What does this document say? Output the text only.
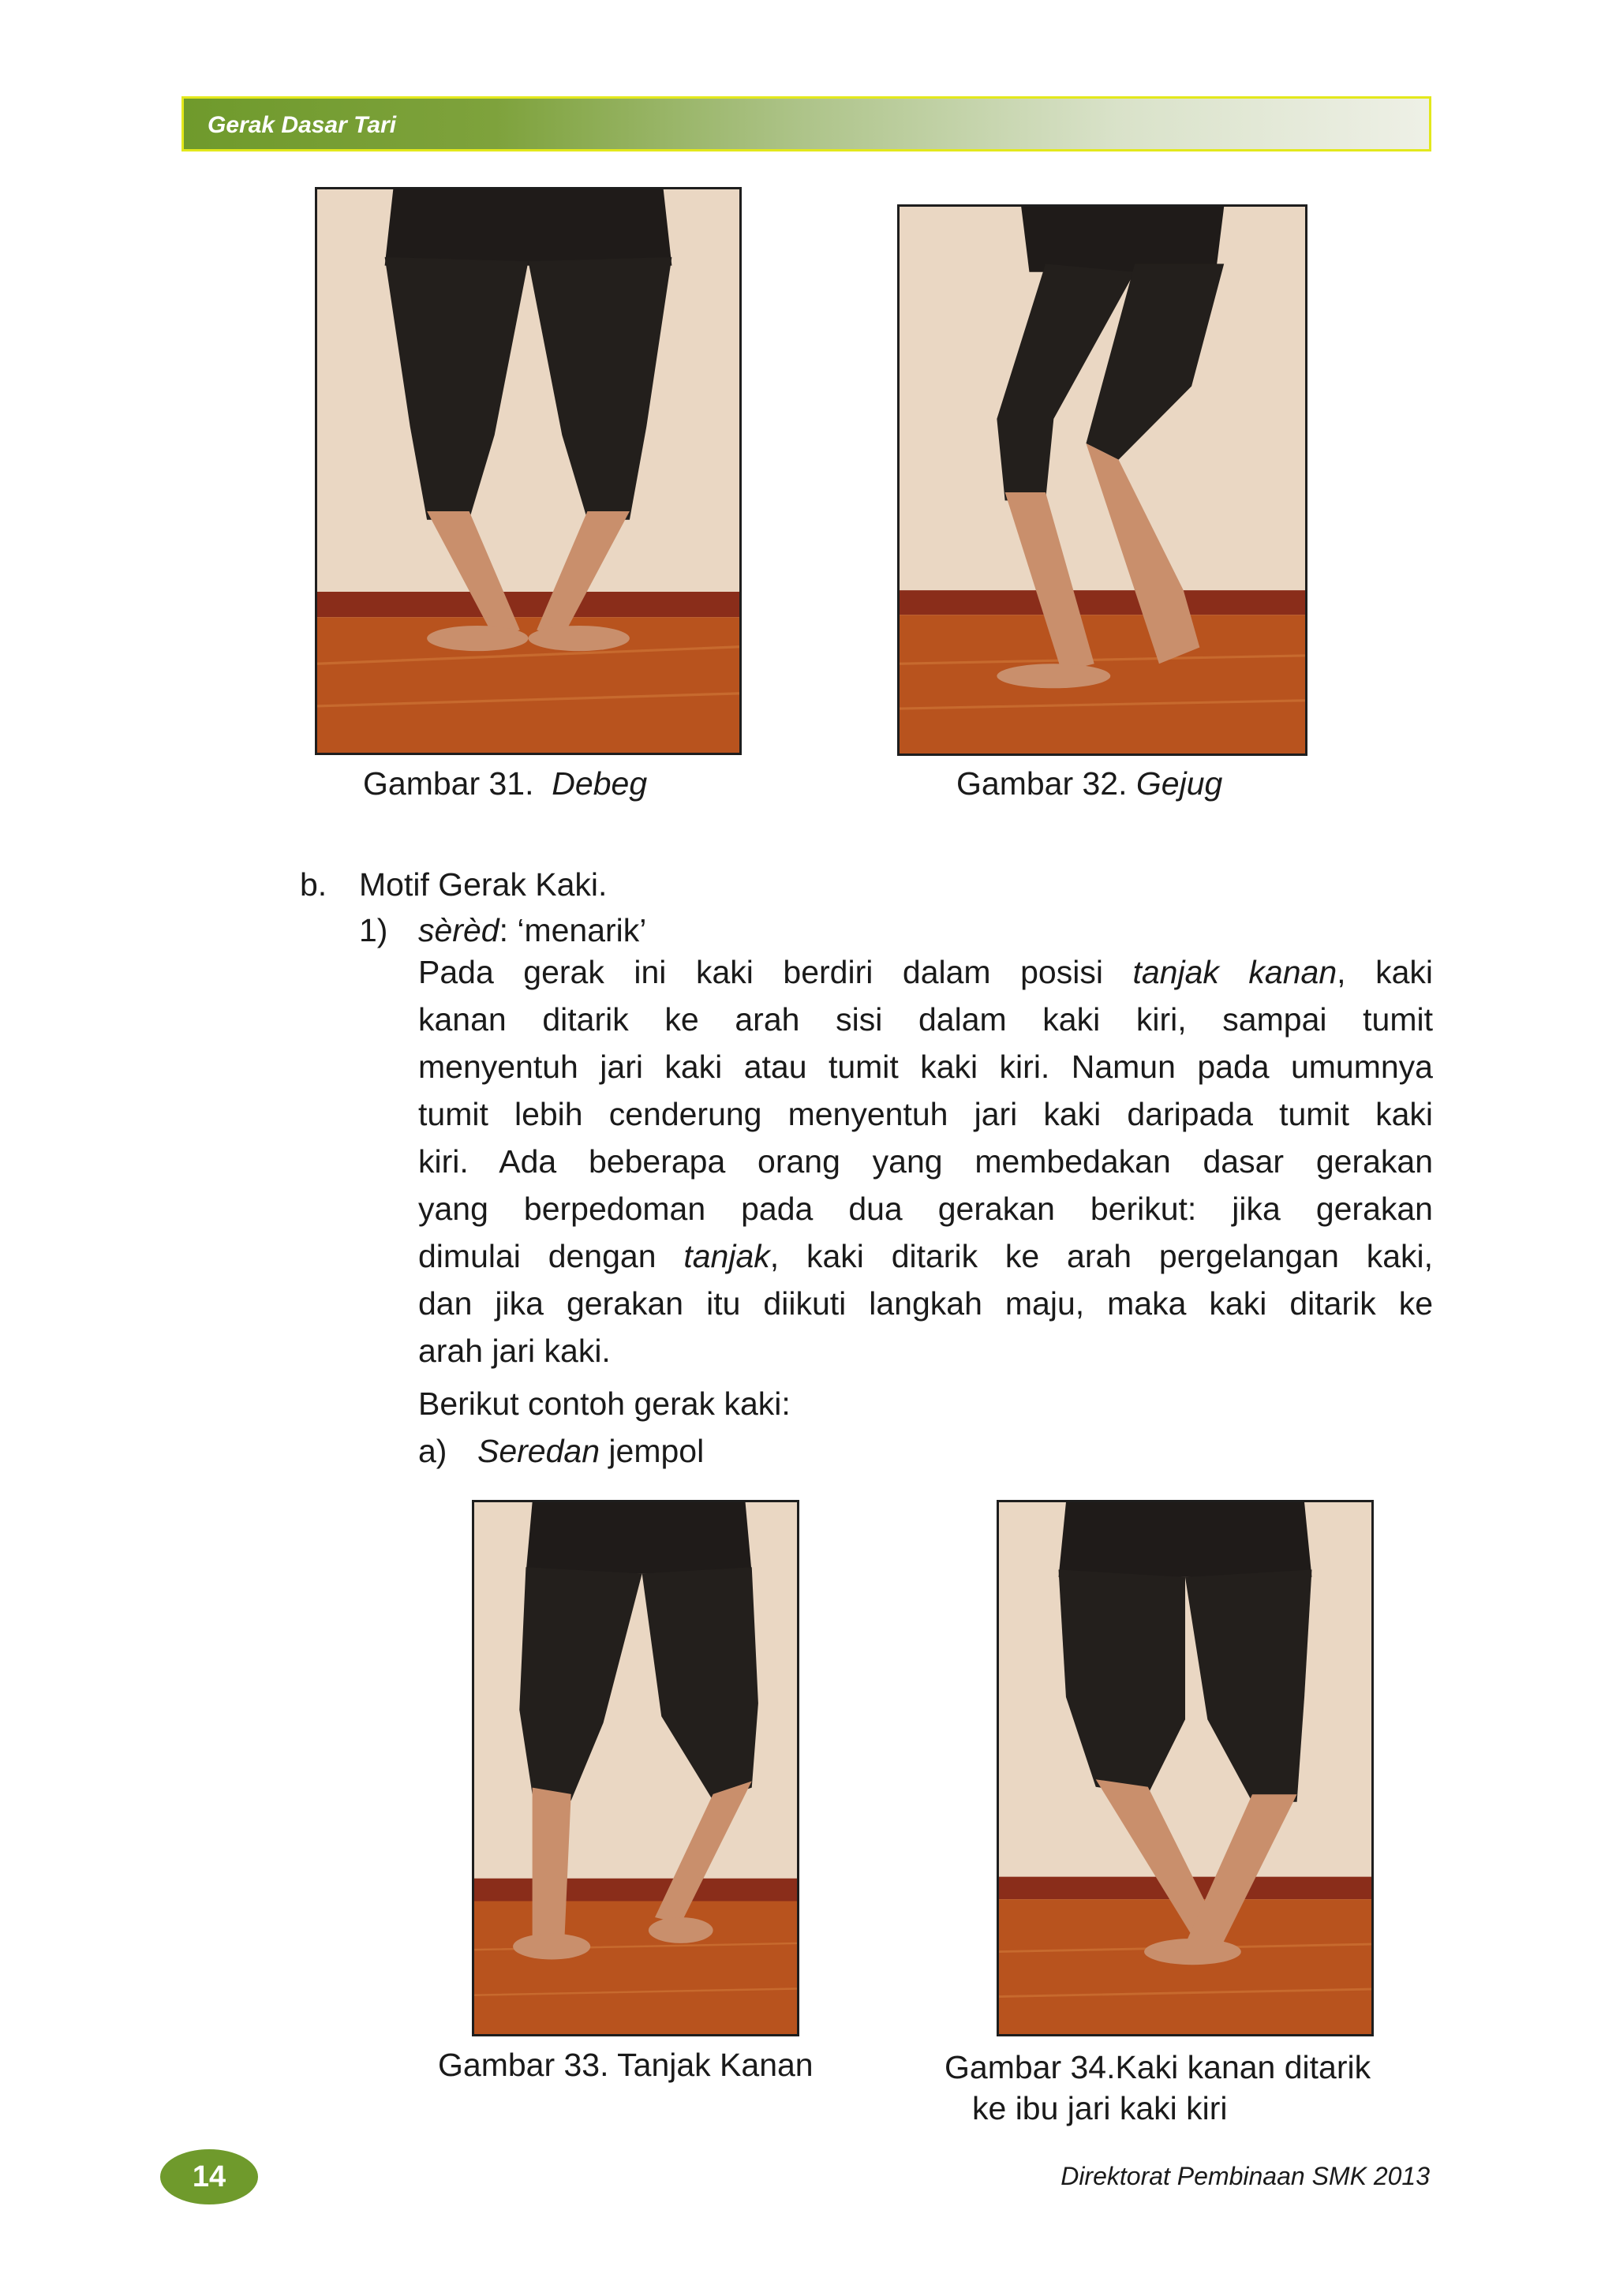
Gerak Dasar Tari
Gambar 31. Debeg	Gambar 32. Gejug
b. Motif Gerak Kaki.
1) sèrèd: ‘menarik’
Pada gerak ini kaki berdiri dalam posisi tanjak kanan, kaki
kanan ditarik ke arah sisi dalam kaki kiri, sampai tumit
menyentuh jari kaki atau tumit kaki kiri. Namun pada umumnya
tumit lebih cenderung menyentuh jari kaki daripada tumit kaki
kiri. Ada beberapa orang yang membedakan dasar gerakan
yang berpedoman pada dua gerakan berikut: jika gerakan
dimulai dengan tanjak, kaki ditarik ke arah pergelangan kaki,
dan jika gerakan itu diikuti langkah maju, maka kaki ditarik ke
arah jari kaki.
Berikut contoh gerak kaki:
a) Seredan jempol
Gambar 33. Tanjak Kanan	Gambar 34.Kaki kanan ditarik
ke ibu jari kaki kiri
14	Direktorat Pembinaan SMK 2013
